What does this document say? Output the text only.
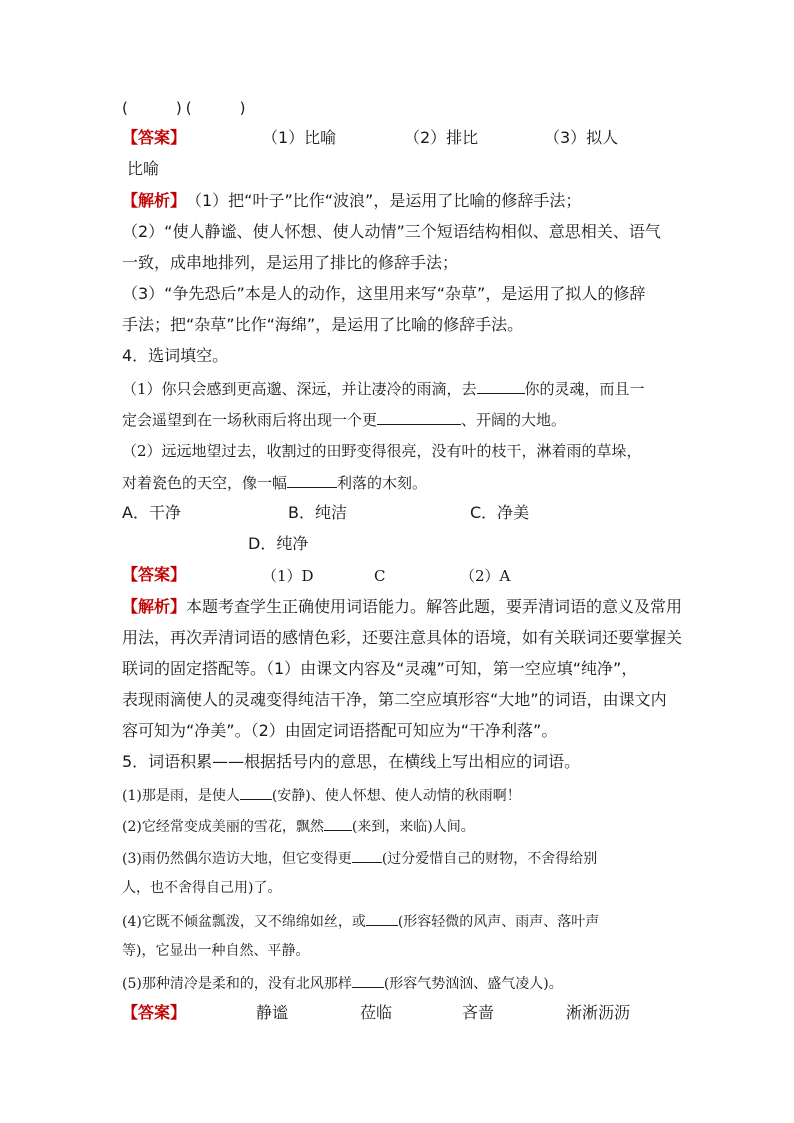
(	) (	)
【答案】	（1）比喻	（2）排比	（3）拟人
比喻
【解析】 （1）把“叶子”比作“波浪”，是运用了比喻的修辞手法；
（2）“使人静谧、使人怀想、使人动情”三个短语结构相似、意思相关、语气
一致，成串地排列，是运用了排比的修辞手法；
（3）“争先恐后”本是人的动作，这里用来写“杂草”，是运用了拟人的修辞
手法；把“杂草”比作“海绵”，是运用了比喻的修辞手法。
4．选词填空。
（1）你只会感到更高邈、深远，并让凄冷的雨滴，去	你的灵魂，而且一
定会遥望到在一场秋雨后将出现一个更	、开阔的大地。
（2）远远地望过去，收割过的田野变得很亮，没有叶的枝干，淋着雨的草垛，
对着瓷色的天空，像一幅	利落的木刻。
A．干净	B．纯洁	C．净美
D．纯净
【答案】	（1）D	C	（2）A
【解析】 本题考查学生正确使用词语能力。解答此题，要弄清词语的意义及常用
用法，再次弄清词语的感情色彩，还要注意具体的语境，如有关联词还要掌握关
联词的固定搭配等。（1）由课文内容及“灵魂”可知，第一空应填“纯净”，
表现雨滴使人的灵魂变得纯洁干净，第二空应填形容“大地”的词语，由课文内
容可知为“净美”。（2）由固定词语搭配可知应为“干净利落”。
5．词语积累——根据括号内的意思，在横线上写出相应的词语。
(1)那是雨，是使人 (安静)、使人怀想、使人动情的秋雨啊！
(2)它经常变成美丽的雪花，飘然 (来到，来临)人间。
(3)雨仍然偶尔造访大地，但它变得更 (过分爱惜自己的财物，不舍得给别
人，也不舍得自己用)了。
(4)它既不倾盆瓢泼，又不绵绵如丝，或 (形容轻微的风声、雨声、落叶声
等)，它显出一种自然、平静。
(5)那种清冷是柔和的，没有北风那样 (形容气势汹汹、盛气凌人)。
【答案】	静谧	莅临	吝啬	淅淅沥沥
